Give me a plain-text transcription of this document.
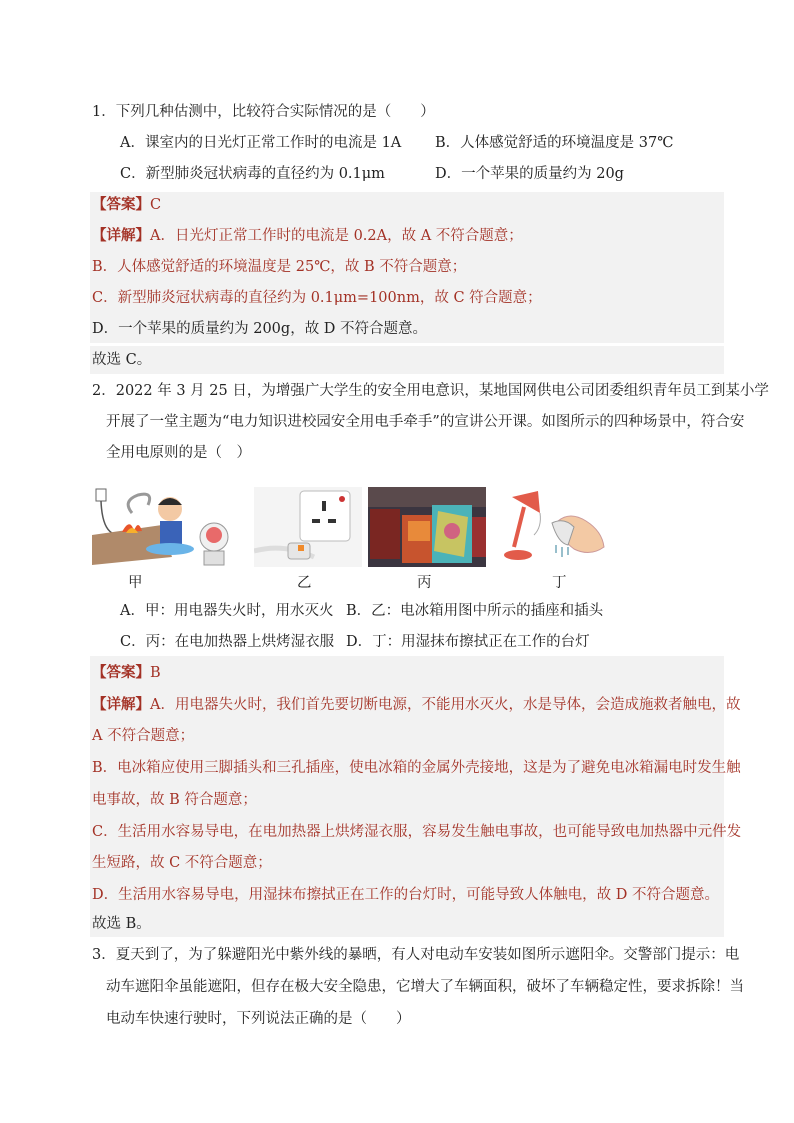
1．下列几种估测中，比较符合实际情况的是（　　）
A．课室内的日光灯正常工作时的电流是 1A B．人体感觉舒适的环境温度是 37℃
C．新型肺炎冠状病毒的直径约为 0.1μm	D．一个苹果的质量约为 20g
【答案】C
【详解】A．日光灯正常工作时的电流是 0.2A，故 A 不符合题意；
B．人体感觉舒适的环境温度是 25℃，故 B 不符合题意；
C．新型肺炎冠状病毒的直径约为 0.1μm=100nm，故 C 符合题意；
D．一个苹果的质量约为 200g，故 D 不符合题意。
故选 C。
2．2022 年 3 月 25 日，为增强广大学生的安全用电意识，某地国网供电公司团委组织青年员工到某小学
开展了一堂主题为“电力知识进校园安全用电手牵手”的宣讲公开课。如图所示的四种场景中，符合安
全用电原则的是（　）
甲	乙	丙	丁
A．甲：用电器失火时，用水灭火 B．乙：电冰箱用图中所示的插座和插头
C．丙：在电加热器上烘烤湿衣服 D．丁：用湿抹布擦拭正在工作的台灯
【答案】B
【详解】A．用电器失火时，我们首先要切断电源，不能用水灭火，水是导体，会造成施救者触电，故
A 不符合题意；
B．电冰箱应使用三脚插头和三孔插座，使电冰箱的金属外壳接地，这是为了避免电冰箱漏电时发生触
电事故，故 B 符合题意；
C．生活用水容易导电，在电加热器上烘烤湿衣服，容易发生触电事故，也可能导致电加热器中元件发
生短路，故 C 不符合题意；
D．生活用水容易导电，用湿抹布擦拭正在工作的台灯时，可能导致人体触电，故 D 不符合题意。
故选 B。
3．夏天到了，为了躲避阳光中紫外线的暴晒，有人对电动车安装如图所示遮阳伞。交警部门提示：电
动车遮阳伞虽能遮阳，但存在极大安全隐患，它增大了车辆面积，破坏了车辆稳定性，要求拆除！当
电动车快速行驶时，下列说法正确的是（　　）
